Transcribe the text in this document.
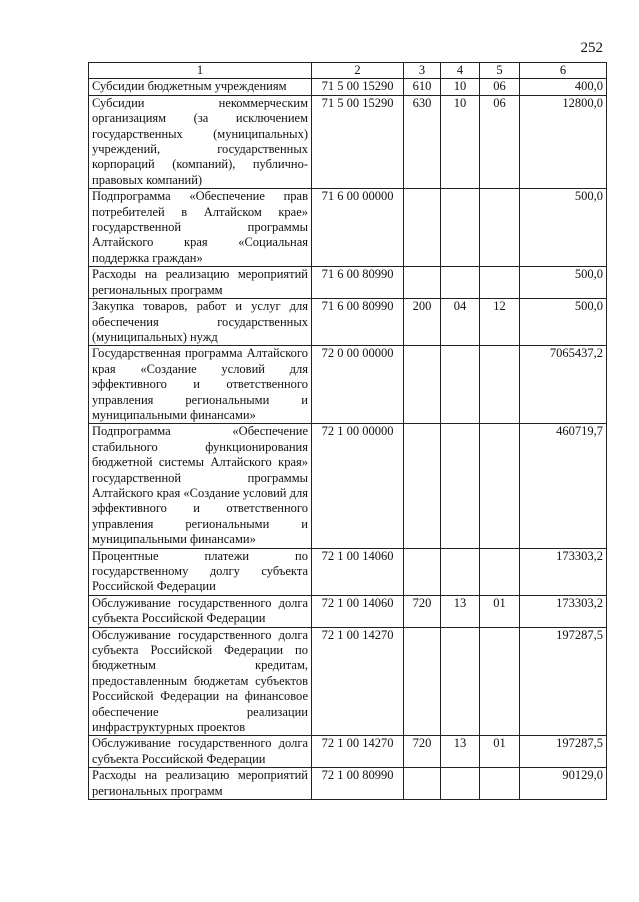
252
1	2	3	4	5	6
Субсидии бюджетным учреждениям	71 5 00 15290	610	10	06	400,0
Субсидии некоммерческим организациям (за исключением государственных (муниципальных) учреждений, государственных корпораций (компаний), публично-правовых компаний)	71 5 00 15290	630	10	06	12800,0
Подпрограмма «Обеспечение прав потребителей в Алтайском крае» государственной программы Алтайского края «Социальная поддержка граждан»	71 6 00 00000				500,0
Расходы на реализацию мероприятий региональных программ	71 6 00 80990				500,0
Закупка товаров, работ и услуг для обеспечения государственных (муниципальных) нужд	71 6 00 80990	200	04	12	500,0
Государственная программа Алтайского края «Создание условий для эффективного и ответственного управления региональными и муниципальными финансами»	72 0 00 00000				7065437,2
Подпрограмма «Обеспечение стабильного функционирования бюджетной системы Алтайского края» государственной программы Алтайского края «Создание условий для эффективного и ответственного управления региональными и муниципальными финансами»	72 1 00 00000				460719,7
Процентные платежи по государственному долгу субъекта Российской Федерации	72 1 00 14060				173303,2
Обслуживание государственного долга субъекта Российской Федерации	72 1 00 14060	720	13	01	173303,2
Обслуживание государственного долга субъекта Российской Федерации по бюджетным кредитам, предоставленным бюджетам субъектов Российской Федерации на финансовое обеспечение реализации инфраструктурных проектов	72 1 00 14270				197287,5
Обслуживание государственного долга субъекта Российской Федерации	72 1 00 14270	720	13	01	197287,5
Расходы на реализацию мероприятий региональных программ	72 1 00 80990				90129,0
